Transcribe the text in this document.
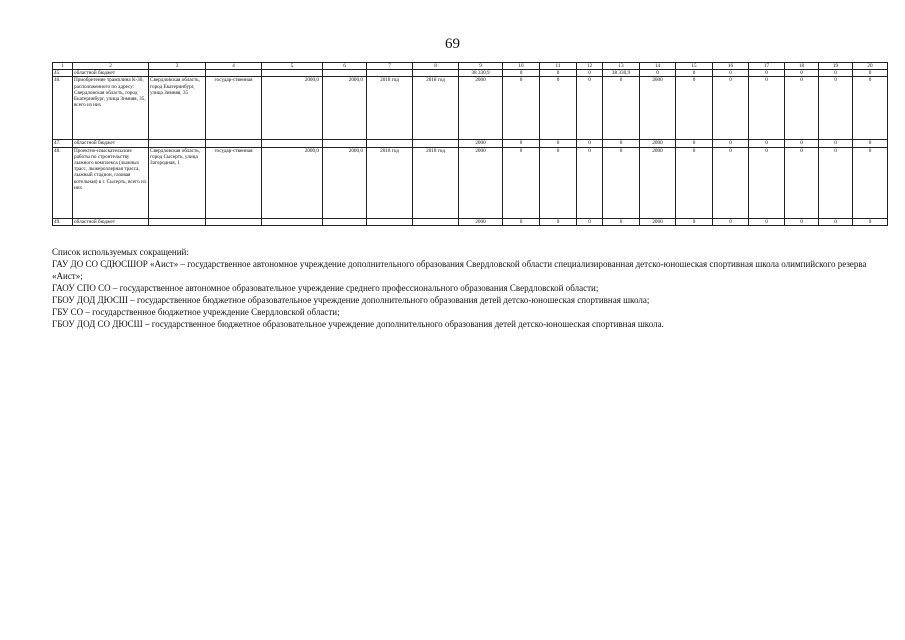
69
1	2	3	4	5	6	7	8	9	10	11	12	13	14	15	16	17	18	19	20
45.	областной бюджет							38 330,9	0	0	0	38 330,9	0	0	0	0	0	0	0
46.	Приобретение трамплина К-30, расположенного по адресу: Свердловская область, город Екатеринбург, улица Зимняя, 35, всего из них	Свердловская область, город Екатеринбург, улица Зимняя, 35	государ-ственная	2000,0	2000,0	2018 год	2018 год	2000	0	0	0	0	2000	0	0	0	0	0	0
47.	областной бюджет							2000	0	0	0	0	2000	0	0	0	0	0	0
48.	Проектно-изыскательские работы по строительству лыжного комплекса (лыжных трасс, лыжероллерная трасса, лыжный стадион, газовая котельная) в г. Сысерть, всего из них	Свердловская область, город Сысерть, улица Загородная, 1	государ-ственная	2000,0	2000,0	2018 год	2018 год	2000	0	0	0	0	2000	0	0	0	0	0	0
49.	областной бюджет							2000	0	0	0	0	2000	0	0	0	0	0	0

Список используемых сокращений:

ГАУ ДО СО СДЮСШОР «Аист» – государственное автономное учреждение дополнительного образования Свердловской области специализированная детско-юношеская спортивная школа олимпийского резерва «Аист»;

ГАОУ СПО СО – государственное автономное образовательное учреждение среднего профессионального образования Свердловской области;

ГБОУ ДОД ДЮСШ – государственное бюджетное образовательное учреждение дополнительного образования детей детско-юношеская спортивная школа;

ГБУ СО – государственное бюджетное учреждение Свердловской области;

ГБОУ ДОД СО ДЮСШ – государственное бюджетное образовательное учреждение дополнительного образования детей детско-юношеская спортивная школа.
